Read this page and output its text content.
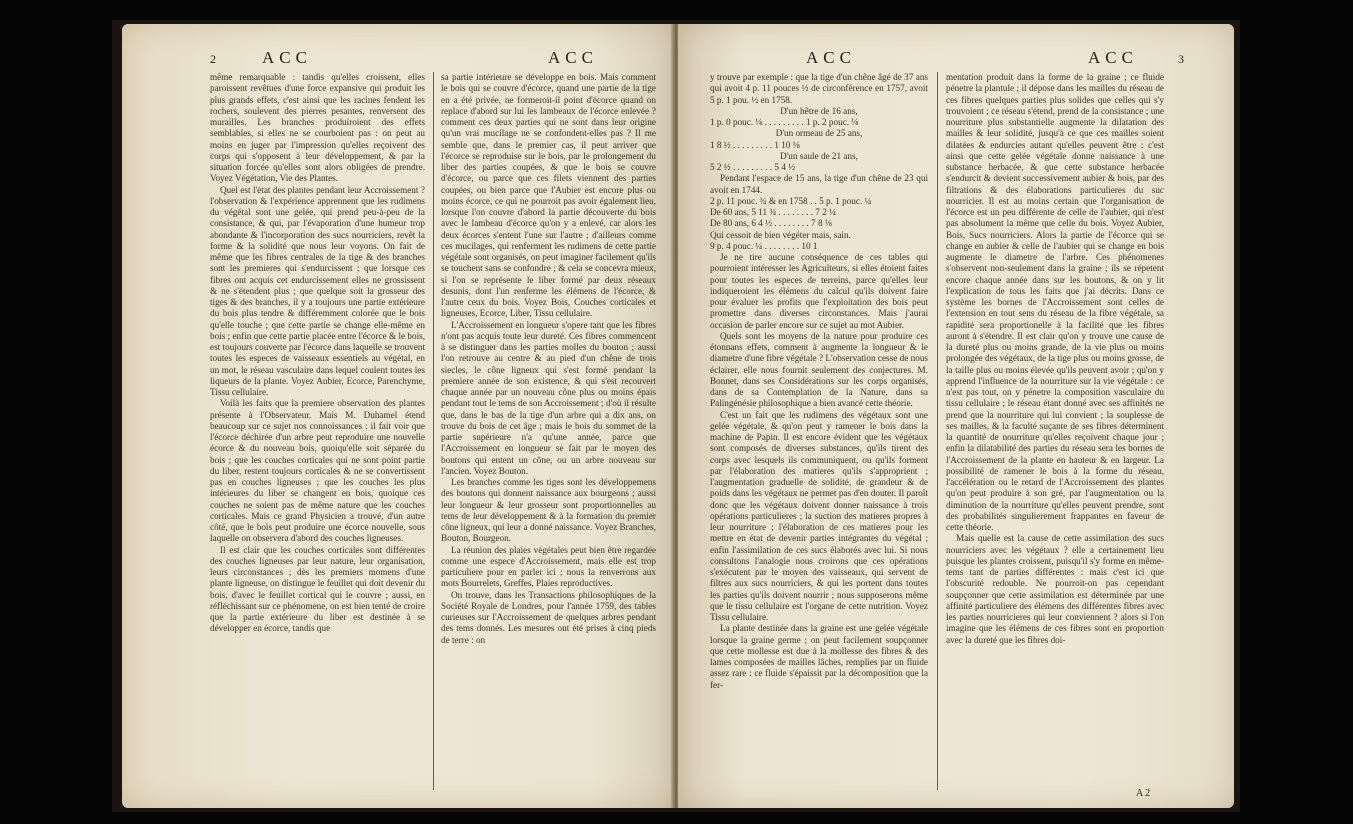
2	ACC	ACC

même remarquable : tandis qu'elles croissent, elles paroissent revêtues d'une force expansive qui produit les plus grands effets, c'est ainsi que les racines fendent les rochers, soulevent des pierres pesantes, renversent des murailles. Les branches produiroient des effets semblables, si elles ne se courboient pas : on peut au moins en juger par l'impression qu'elles reçoivent des corps qui s'opposent à leur développement, & par la situation forcée qu'elles sont alors obligées de prendre. Voyez Végétation, Vie des Plantes.

Quel est l'état des plantes pendant leur Accroissement ? l'observation & l'expérience apprennent que les rudimens du végétal sont une gelée, qui prend peu-à-peu de la consistance, & qui, par l'évaporation d'une humeur trop abondante & l'incorporation des sucs nourriciers, revêt la forme & la solidité que nous leur voyons. On fait de même que les fibres centrales de la tige & des branches sont les premieres qui s'endurcissent ; que lorsque ces fibres ont acquis cet endurcissement elles ne grossissent & ne s'étendent plus ; que quelque soit la grosseur des tiges & des branches, il y a toujours une partie extérieure du bois plus tendre & différemment colorée que le bois qu'elle touche ; que cette partie se change elle-même en bois ; enfin que cette partie placée entre l'écorce & le bois, est toujours couverte par l'écorce dans laquelle se trouvent toutes les especes de vaisseaux essentiels au végétal, en un mot, le réseau vasculaire dans lequel coulent toutes les liqueurs de la plante. Voyez Aubier, Ecorce, Parenchyme, Tissu cellulaire.

Voilà les faits que la premiere observation des plantes présente à l'Observateur. Mais M. Duhamel étend beaucoup sur ce sujet nos connoissances : il fait voir que l'écorce déchirée d'un arbre peut reproduire une nouvelle écorce & du nouveau bois, quoiqu'elle soit séparée du bois ; que les couches corticales qui ne sont point partie du liber, restent toujours corticales & ne se convertissent pas en couches ligneuses ; que les couches les plus intérieures du liber se changent en bois, quoique ces couches ne soient pas de même nature que les couches corticales. Mais ce grand Physicien a trouvé, d'un autre côté, que le bois peut produire une écorce nouvelle, sous laquelle on observera d'abord des couches ligneuses.

Il est clair que les couches corticales sont différentes des couches ligneuses par leur nature, leur organisation, leurs circonstances ; dès les premiers momens d'une plante ligneuse, on distingue le feuillet qui doit devenir du bois, d'avec le feuillet cortical qui le couvre ; aussi, en réfléchissant sur ce phénomene, on est bien tenté de croire que la partie extérieure du liber est destinée à se développer en écorce, tandis que

sa partie intérieure se développe en bois. Mais comment le bois qui se couvre d'écorce, quand une partie de la tige en a été privée, ne formeroit-il point d'écorce quand on replace d'abord sur lui les lambeaux de l'écorce enlevée ? comment ces deux parties qui ne sont dans leur origine qu'un vrai mucilage ne se confondent-elles pas ? Il me semble que, dans le premier cas, il peut arriver que l'écorce se reproduise sur le bois, par le prolongement du liber des parties coupées, & que le bois se couvre d'écorce, ou parce que ces filets viennent des parties coupées, ou bien parce que l'Aubier est encore plus ou moins écorce, ce qui ne pourroit pas avoir également lieu, lorsque l'on couvre d'abord la partie découverte du bois avec le lambeau d'écorce qu'on y a enlevé, car alors les deux écorces s'entent l'une sur l'autre ; d'ailleurs comme ces mucilages, qui renferment les rudimens de cette partie végétale sont organisés, on peut imaginer facilement qu'ils se touchent sans se confondre ; & cela se concevra mieux, si l'on se représente le liber formé par deux réseaux desunis, dont l'un renferme les élémens de l'écorce, & l'autre ceux du bois. Voyez Bois, Couches corticales et ligneuses, Ecorce, Liber, Tissu cellulaire.

L'Accroissement en longueur s'opere tant que les fibres n'ont pas acquis toute leur dureté. Ces fibres commencent à se distinguer dans les parties molles du bouton ; aussi l'on retrouve au centre & au pied d'un chêne de trois siecles, le cône ligneux qui s'est formé pendant la premiere année de son existence, & qui s'est recouvert chaque année par un nouveau cône plus ou moins épais pendant tout le tems de son Accroissement ; d'où il résulte que, dans le bas de la tige d'un arbre qui a dix ans, on trouve du bois de cet âge ; mais le bois du sommet de la partie supérieure n'a qu'une année, parce que l'Accroissement en longueur se fait par le moyen des boutons qui entent un cône, ou un arbre nouveau sur l'ancien. Voyez Bouton.

Les branches comme les tiges sont les développemens des boutons qui donnent naissance aux bourgeons ; aussi leur longueur & leur grosseur sont proportionnelles au tems de leur développement & à la formation du premier cône ligneux, qui leur a donné naissance. Voyez Branches, Bouton, Bourgeon.

La réunion des plaies végétales peut bien être regardée comme une espece d'Accroissement, mais elle est trop particuliere pour en parler ici ; nous la renverrons aux mots Bourrelets, Greffes, Plaies reproductives.

On trouve, dans les Transactions philosophiques de la Société Royale de Londres, pour l'année 1759, des tables curieuses sur l'Accroissement de quelques arbres pendant des tems donnés. Les mesures ont été prises à cinq pieds de terre : on

ACC	ACC	3

y trouve par exemple : que la tige d'un chêne âgé de 37 ans qui avoit 4 p. 11 pouces ½ de circonférence en 1757, avoit 5 p. 1 pou. ½ en 1758.

D'un hêtre de 16 ans,

1 p. 0 pouc. ⅛ . . . . . . . . . 1 p. 2 pouc. ⅛

D'un ormeau de 25 ans,

1 8 ½ . . . . . . . . . 1 10 ⅛

D'un saule de 21 ans,

5 2 ½ . . . . . . . . . 5 4 ½

Pendant l'espace de 15 ans, la tige d'un chêne de 23 qui avoit en 1744.

2 p. 11 pouc. ¾ & en 1758 . . 5 p. 1 pouc. ¼

De 60 ans, 5 11 ¾ . . . . . . . . 7 2 ¼

De 80 ans, 6 4 ½ . . . . . . . . 7 8 ⅛

Qui cessoit de bien végéter mais, sain.

9 p. 4 pouc. ¼ . . . . . . . . 10 1

Je ne tire aucune conséquence de ces tables qui pourroient intéresser les Agriculteurs, si elles étoient faites pour toutes les especes de terreins, parce qu'elles leur indiqueroient les élémens du calcul qu'ils doivent faire pour évaluer les profits que l'exploitation des bois peut promettre dans diverses circonstances. Mais j'aurai occasion de parler encore sur ce sujet au mot Aubier.

Quels sont les moyens de la nature pour produire ces étonnans effets, comment à augmente la longueur & le diametre d'une fibre végétale ? L'observation cesse de nous éclairer, elle nous fournit seulement des conjectures. M. Bonnet, dans ses Considérations sur les corps organisés, dans de sa Contemplation de la Nature, dans sa Palingénésie philosophique a bien avancé cette théorie.

C'est un fait que les rudimens des végétaux sont une gelée végétale, & qu'on peut y ramener le bois dans la machine de Papin. Il est encore évident que les végétaux sont composés de diverses substances, qu'ils tirent des corps avec lesquels ils communiquent, ou qu'ils forment par l'élaboration des matieres qu'ils s'approprient ; l'augmentation graduelle de solidité, de grandeur & de poids dans les végétaux ne permet pas d'en douter. Il paroît donc que les végétaux doivent donner naissance à trois opérations particulieres ; la suction des matieres propres à leur nourriture ; l'élaboration de ces matieres pour les mettre en état de devenir parties intégrantes du végétal ; enfin l'assimilation de ces sucs élaborés avec lui. Si nous consultons l'analogie nous croirons que ces opérations s'exécutent par le moyen des vaisseaux, qui servent de filtres aux sucs nourriciers, & qui les portent dans toutes les parties qu'ils doivent nourrir ; nous supposerons même que le tissu cellulaire est l'organe de cette nutrition. Voyez Tissu cellulaire.

La plante destinée dans la graine est une gelée végétale lorsque la graine germe ; on peut facilement soupçonner que cette mollesse est due à la mollesse des fibres & des lames composées de mailles lâches, remplies par un fluide assez rare : ce fluide s'épaissit par la décomposition que la fer-

mentation produit dans la forme de la graine ; ce fluide pénetre la plantule ; il dépose dans les mailles du réseau de ces fibres quelques parties plus solides que celles qui s'y trouvoient ; ce réseau s'étend, prend de la consistance ; une nourriture plus substantielle augmente la dilatation des mailles & leur solidité, jusqu'à ce que ces mailles soient dilatées & endurcies autant qu'elles peuvent être : c'est ainsi que cette gelée végétale donne naissance à une substance herbacée, & que cette substance herbacée s'endurcit & devient successivement aubier & bois, par des filtrations & des élaborations particulieres du suc nourricier. Il est au moins certain que l'organisation de l'écorce est un peu différente de celle de l'aubier, qui n'est pas absolument la même que celle du bois. Voyez Aubier, Bois, Sucs nourriciers. Alors la partie de l'écorce qui se change en aubier & celle de l'aubier qui se change en bois augmente le diametre de l'arbre. Ces phénomenes s'observent non-seulement dans la graine ; ils se répetent encore chaque année dans sur les boutons, & on y lit l'explication de tous les faits que j'ai décrits. Dans ce système les bornes de l'Accroissement sont celles de l'extension en tout sens du réseau de la fibre végétale, sa rapidité sera proportionelle à la facilité que les fibres auront à s'étendre. Il est clair qu'on y trouve une cause de la dureté plus ou moins grande, de la vie plus ou moins prolongée des végétaux, de la tige plus ou moins grosse, de la taille plus ou moins élevée qu'ils peuvent avoir ; qu'on y apprend l'influence de la nourriture sur la vie végétale : ce n'est pas tout, on y pénetre la composition vasculaire du tissu cellulaire ; le réseau étant donné avec ses affinités ne prend que la nourriture qui lui convient ; la souplesse de ses mailles, & la faculté suçante de ses fibres déterminent la quantité de nourriture qu'elles reçoivent chaque jour ; enfin la dilatabilité des parties du réseau sera les bornes de l'Accroissement de la plante en hauteur & en largeur. La possibilité de ramener le bois à la forme du réseau, l'accélération ou le retard de l'Accroissement des plantes qu'on peut produire à son gré, par l'augmentation ou la diminution de la nourriture qu'elles peuvent prendre, sont des probabilités singulierement frappantes en faveur de cette théorie.

Mais quelle est la cause de cette assimilation des sucs nourriciers avec les végétaux ? elle a certainement lieu puisque les plantes croissent, puisqu'il s'y forme en même-tems tant de parties différentes : mais c'est ici que l'obscurité redouble. Ne pourroit-on pas cependant soupçonner que cette assimilation est déterminée par une affinité particuliere des élémens des différentes fibres avec les parties nourricieres qui leur conviennent ? alors si l'on imagine que les élémens de ces fibres sont en proportion avec la dureté que les fibres doi-

A 2
